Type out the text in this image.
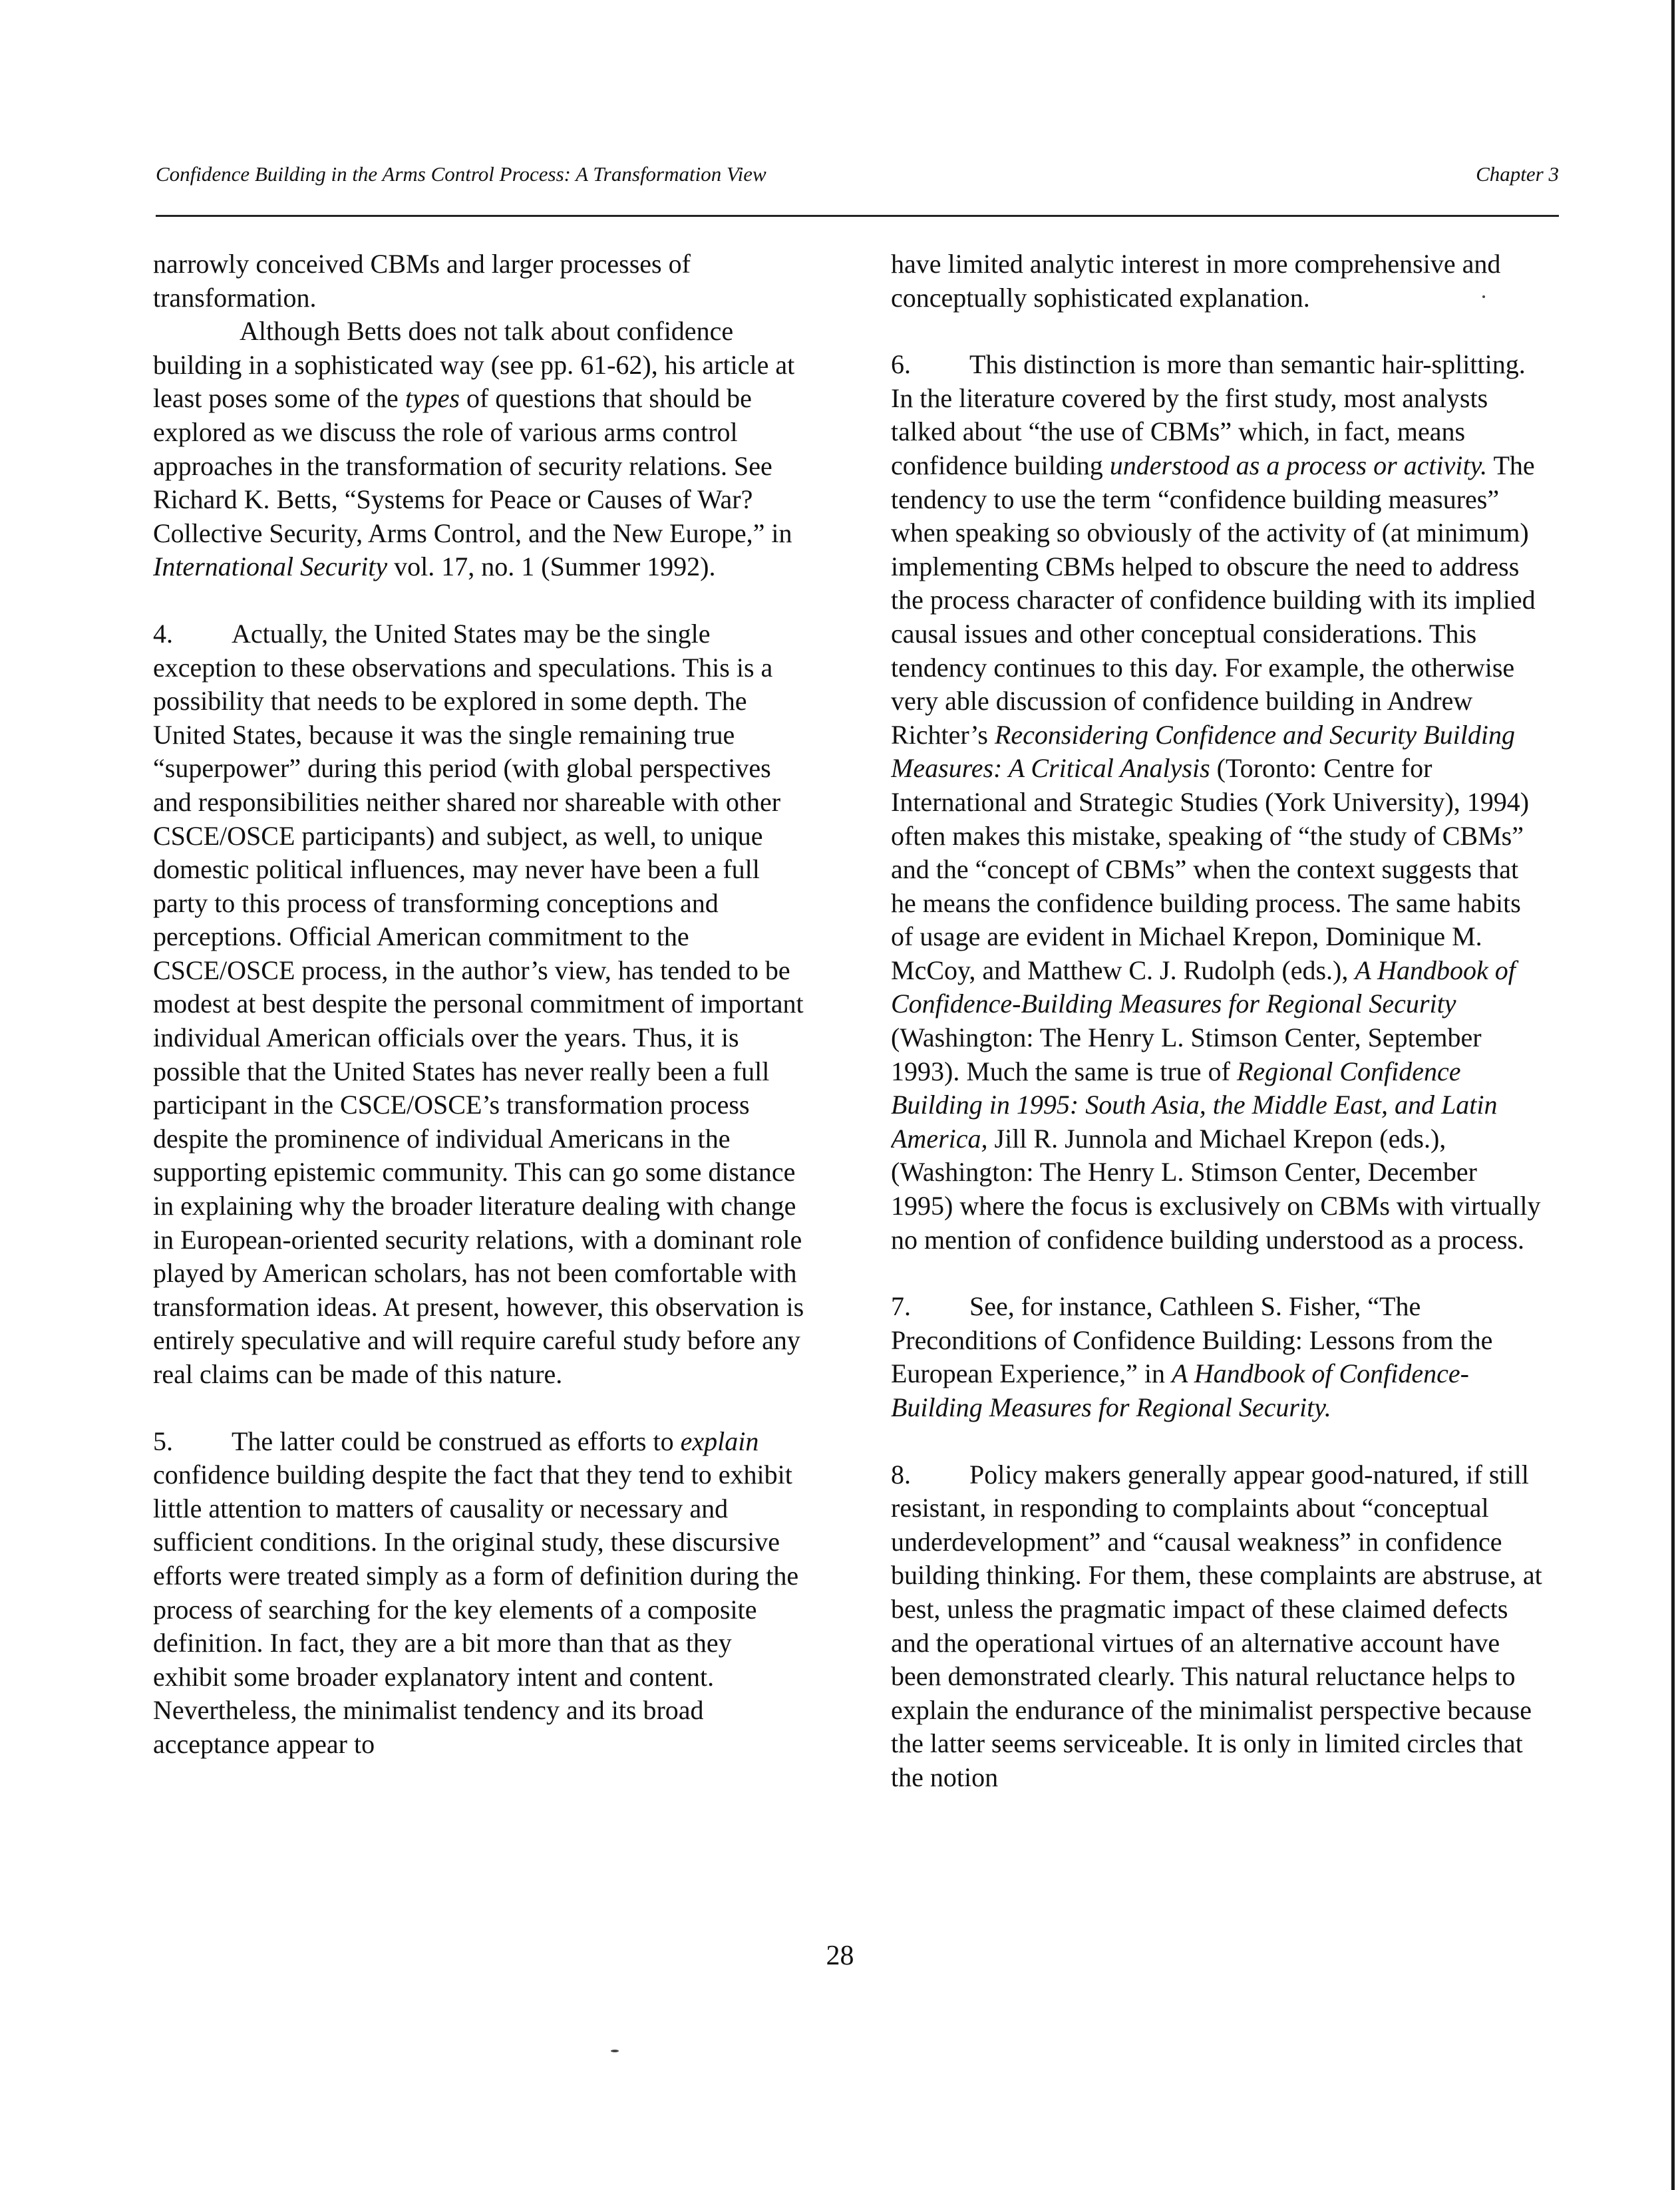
Confidence Building in the Arms Control Process: A Transformation View	Chapter 3

narrowly conceived CBMs and larger processes of transformation.

Although Betts does not talk about confidence building in a sophisticated way (see pp. 61-62), his article at least poses some of the types of questions that should be explored as we discuss the role of various arms control approaches in the transformation of security relations. See Richard K. Betts, “Systems for Peace or Causes of War? Collective Security, Arms Control, and the New Europe,” in International Security vol. 17, no. 1 (Summer 1992).

4. Actually, the United States may be the single exception to these observations and speculations. This is a possibility that needs to be explored in some depth. The United States, because it was the single remaining true “superpower” during this period (with global perspectives and responsibilities neither shared nor shareable with other CSCE/OSCE participants) and subject, as well, to unique domestic political influences, may never have been a full party to this process of transforming conceptions and perceptions. Official American commitment to the CSCE/OSCE process, in the author’s view, has tended to be modest at best despite the personal commitment of important individual American officials over the years. Thus, it is possible that the United States has never really been a full participant in the CSCE/OSCE’s transformation process despite the prominence of individual Americans in the supporting epistemic community. This can go some distance in explaining why the broader literature dealing with change in European-oriented security relations, with a dominant role played by American scholars, has not been comfortable with transformation ideas. At present, however, this observation is entirely speculative and will require careful study before any real claims can be made of this nature.

5. The latter could be construed as efforts to explain confidence building despite the fact that they tend to exhibit little attention to matters of causality or necessary and sufficient conditions. In the original study, these discursive efforts were treated simply as a form of definition during the process of searching for the key elements of a composite definition. In fact, they are a bit more than that as they exhibit some broader explanatory intent and content. Nevertheless, the minimalist tendency and its broad acceptance appear to

have limited analytic interest in more comprehensive and conceptually sophisticated explanation.

6. This distinction is more than semantic hair-splitting. In the literature covered by the first study, most analysts talked about “the use of CBMs” which, in fact, means confidence building understood as a process or activity. The tendency to use the term “confidence building measures” when speaking so obviously of the activity of (at minimum) implementing CBMs helped to obscure the need to address the process character of confidence building with its implied causal issues and other conceptual considerations. This tendency continues to this day. For example, the otherwise very able discussion of confidence building in Andrew Richter’s Reconsidering Confidence and Security Building Measures: A Critical Analysis (Toronto: Centre for International and Strategic Studies (York University), 1994) often makes this mistake, speaking of “the study of CBMs” and the “concept of CBMs” when the context suggests that he means the confidence building process. The same habits of usage are evident in Michael Krepon, Dominique M. McCoy, and Matthew C. J. Rudolph (eds.), A Handbook of Confidence-Building Measures for Regional Security (Washington: The Henry L. Stimson Center, September 1993). Much the same is true of Regional Confidence Building in 1995: South Asia, the Middle East, and Latin America, Jill R. Junnola and Michael Krepon (eds.), (Washington: The Henry L. Stimson Center, December 1995) where the focus is exclusively on CBMs with virtually no mention of confidence building understood as a process.

7. See, for instance, Cathleen S. Fisher, “The Preconditions of Confidence Building: Lessons from the European Experience,” in A Handbook of Confidence-Building Measures for Regional Security.

8. Policy makers generally appear good-natured, if still resistant, in responding to complaints about “conceptual underdevelopment” and “causal weakness” in confidence building thinking. For them, these complaints are abstruse, at best, unless the pragmatic impact of these claimed defects and the operational virtues of an alternative account have been demonstrated clearly. This natural reluctance helps to explain the endurance of the minimalist perspective because the latter seems serviceable. It is only in limited circles that the notion

28
